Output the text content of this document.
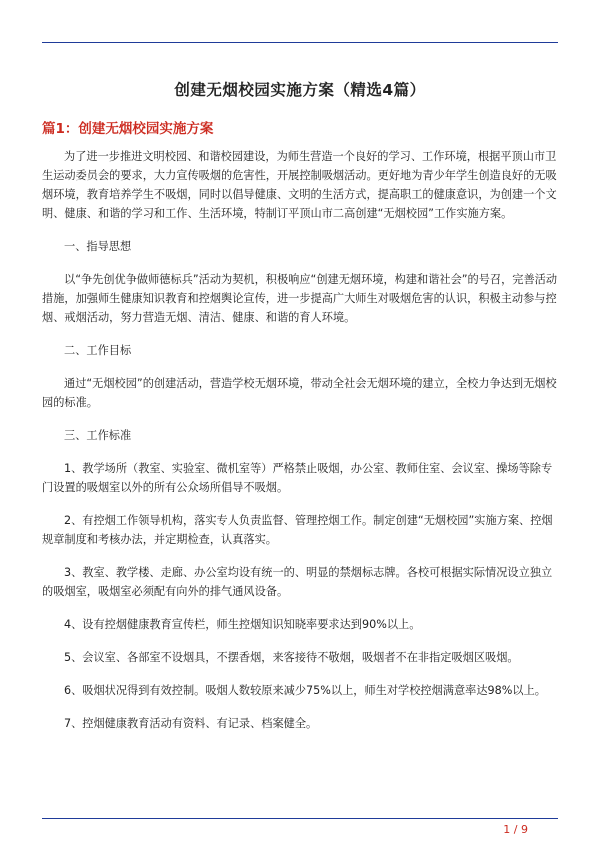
创建无烟校园实施方案（精选4篇）
篇1：创建无烟校园实施方案

为了进一步推进文明校园、和谐校园建设，为师生营造一个良好的学习、工作环境，根据平顶山市卫生运动委员会的要求，大力宣传吸烟的危害性，开展控制吸烟活动。更好地为青少年学生创造良好的无吸烟环境，教育培养学生不吸烟，同时以倡导健康、文明的生活方式，提高职工的健康意识，为创建一个文明、健康、和谐的学习和工作、生活环境，特制订平顶山市二高创建“无烟校园”工作实施方案。

一、指导思想

以“争先创优争做师德标兵”活动为契机，积极响应“创建无烟环境，构建和谐社会”的号召，完善活动措施，加强师生健康知识教育和控烟舆论宣传，进一步提高广大师生对吸烟危害的认识，积极主动参与控烟、戒烟活动，努力营造无烟、清洁、健康、和谐的育人环境。

二、工作目标

通过“无烟校园”的创建活动，营造学校无烟环境，带动全社会无烟环境的建立，全校力争达到无烟校园的标准。

三、工作标准

1、教学场所（教室、实验室、微机室等）严格禁止吸烟，办公室、教师住室、会议室、操场等除专门设置的吸烟室以外的所有公众场所倡导不吸烟。

2、有控烟工作领导机构，落实专人负责监督、管理控烟工作。制定创建“无烟校园”实施方案、控烟规章制度和考核办法，并定期检查，认真落实。

3、教室、教学楼、走廊、办公室均设有统一的、明显的禁烟标志牌。各校可根据实际情况设立独立的吸烟室，吸烟室必须配有向外的排气通风设备。

4、设有控烟健康教育宣传栏，师生控烟知识知晓率要求达到90%以上。

5、会议室、各部室不设烟具，不摆香烟，来客接待不敬烟，吸烟者不在非指定吸烟区吸烟。

6、吸烟状况得到有效控制。吸烟人数较原来减少75%以上，师生对学校控烟满意率达98%以上。

7、控烟健康教育活动有资料、有记录、档案健全。

1 / 9
